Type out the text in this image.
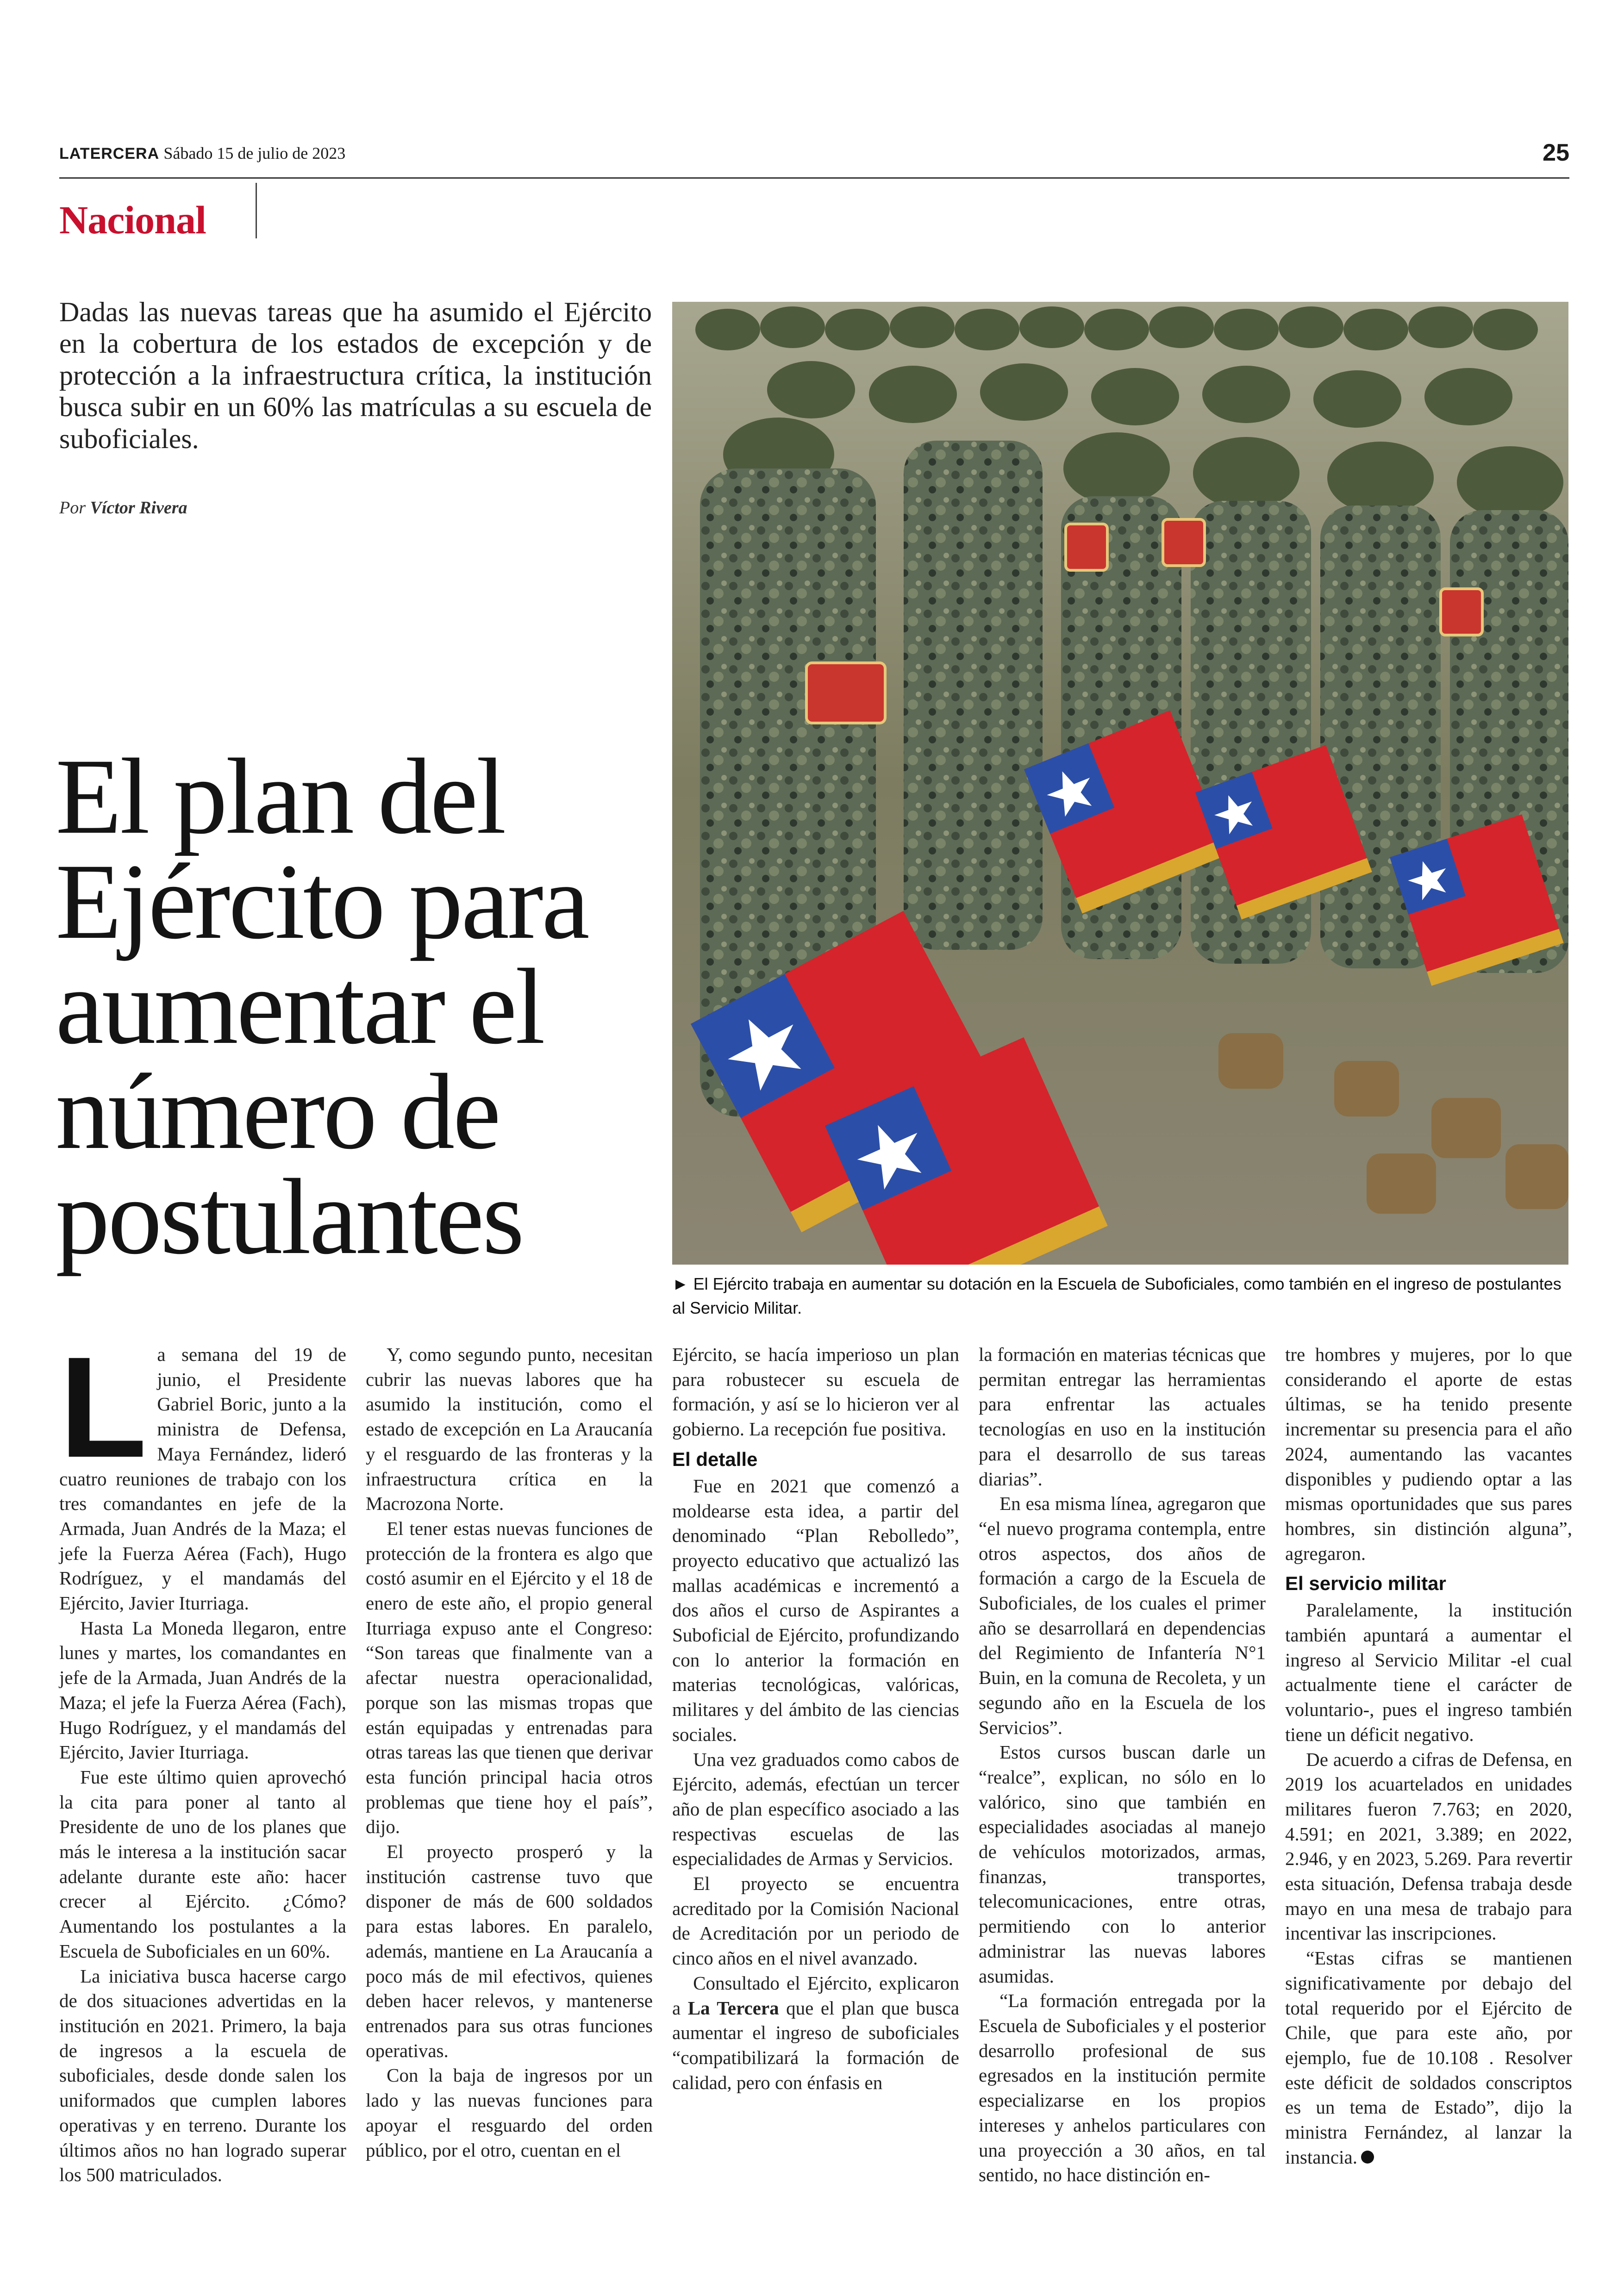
LATERCERA Sábado 15 de julio de 2023	25
Nacional
Dadas las nuevas tareas que ha asumido el Ejército en la cobertura de los estados de excepción y de protección a la infraestructura crítica, la institución busca subir en un 60% las matrículas a su escuela de suboficiales.
Por Víctor Rivera
El plan del
Ejército para
aumentar el
número de
postulantes
► El Ejército trabaja en aumentar su dotación en la Escuela de Suboficiales, como también en el ingreso de postulantes al Servicio Militar.
L a semana del 19 de junio, el Presidente Gabriel Boric, junto a la ministra de Defensa, Maya Fernández, lideró cuatro reuniones de trabajo con los tres comandantes en jefe de la Armada, Juan Andrés de la Maza; el jefe la Fuerza Aérea (Fach), Hugo Rodríguez, y el mandamás del Ejército, Javier Iturriaga.

Hasta La Moneda llegaron, entre lunes y martes, los comandantes en jefe de la Armada, Juan Andrés de la Maza; el jefe la Fuerza Aérea (Fach), Hugo Rodríguez, y el mandamás del Ejército, Javier Iturriaga.

Fue este último quien aprovechó la cita para poner al tanto al Presidente de uno de los planes que más le interesa a la institución sacar adelante durante este año: hacer crecer al Ejército. ¿Cómo? Aumentando los postulantes a la Escuela de Suboficiales en un 60%.

La iniciativa busca hacerse cargo de dos situaciones advertidas en la institución en 2021. Primero, la baja de ingresos a la escuela de suboficiales, desde donde salen los uniformados que cumplen labores operativas y en terreno. Durante los últimos años no han logrado superar los 500 matriculados.

Y, como segundo punto, necesitan cubrir las nuevas labores que ha asumido la institución, como el estado de excepción en La Araucanía y el resguardo de las fronteras y la infraestructura crítica en la Macrozona Norte.

El tener estas nuevas funciones de protección de la frontera es algo que costó asumir en el Ejército y el 18 de enero de este año, el propio general Iturriaga expuso ante el Congreso: “Son tareas que finalmente van a afectar nuestra operacionalidad, porque son las mismas tropas que están equipadas y entrenadas para otras tareas las que tienen que derivar esta función principal hacia otros problemas que tiene hoy el país”, dijo.

El proyecto prosperó y la institución castrense tuvo que disponer de más de 600 soldados para estas labores. En paralelo, además, mantiene en La Araucanía a poco más de mil efectivos, quienes deben hacer relevos, y mantenerse entrenados para sus otras funciones operativas.

Con la baja de ingresos por un lado y las nuevas funciones para apoyar el resguardo del orden público, por el otro, cuentan en el

Ejército, se hacía imperioso un plan para robustecer su escuela de formación, y así se lo hicieron ver al gobierno. La recepción fue positiva.

El detalle

Fue en 2021 que comenzó a moldearse esta idea, a partir del denominado “Plan Rebolledo”, proyecto educativo que actualizó las mallas académicas e incrementó a dos años el curso de Aspirantes a Suboficial de Ejército, profundizando con lo anterior la formación en materias tecnológicas, valóricas, militares y del ámbito de las ciencias sociales.

Una vez graduados como cabos de Ejército, además, efectúan un tercer año de plan específico asociado a las respectivas escuelas de las especialidades de Armas y Servicios.

El proyecto se encuentra acreditado por la Comisión Nacional de Acreditación por un periodo de cinco años en el nivel avanzado.

Consultado el Ejército, explicaron a La Tercera que el plan que busca aumentar el ingreso de suboficiales “compatibilizará la formación de calidad, pero con énfasis en

la formación en materias técnicas que permitan entregar las herramientas para enfrentar las actuales tecnologías en uso en la institución para el desarrollo de sus tareas diarias”.

En esa misma línea, agregaron que “el nuevo programa contempla, entre otros aspectos, dos años de formación a cargo de la Escuela de Suboficiales, de los cuales el primer año se desarrollará en dependencias del Regimiento de Infantería N°1 Buin, en la comuna de Recoleta, y un segundo año en la Escuela de los Servicios”.

Estos cursos buscan darle un “realce”, explican, no sólo en lo valórico, sino que también en especialidades asociadas al manejo de vehículos motorizados, armas, finanzas, transportes, telecomunicaciones, entre otras, permitiendo con lo anterior administrar las nuevas labores asumidas.

“La formación entregada por la Escuela de Suboficiales y el posterior desarrollo profesional de sus egresados en la institución permite especializarse en los propios intereses y anhelos particulares con una proyección a 30 años, en tal sentido, no hace distinción en-

tre hombres y mujeres, por lo que considerando el aporte de estas últimas, se ha tenido presente incrementar su presencia para el año 2024, aumentando las vacantes disponibles y pudiendo optar a las mismas oportunidades que sus pares hombres, sin distinción alguna”, agregaron.

El servicio militar

Paralelamente, la institución también apuntará a aumentar el ingreso al Servicio Militar -el cual actualmente tiene el carácter de voluntario-, pues el ingreso también tiene un déficit negativo.

De acuerdo a cifras de Defensa, en 2019 los acuartelados en unidades militares fueron 7.763; en 2020, 4.591; en 2021, 3.389; en 2022, 2.946, y en 2023, 5.269. Para revertir esta situación, Defensa trabaja desde mayo en una mesa de trabajo para incentivar las inscripciones.

“Estas cifras se mantienen significativamente por debajo del total requerido por el Ejército de Chile, que para este año, por ejemplo, fue de 10.108 . Resolver este déficit de soldados conscriptos es un tema de Estado”, dijo la ministra Fernández, al lanzar la instancia.
